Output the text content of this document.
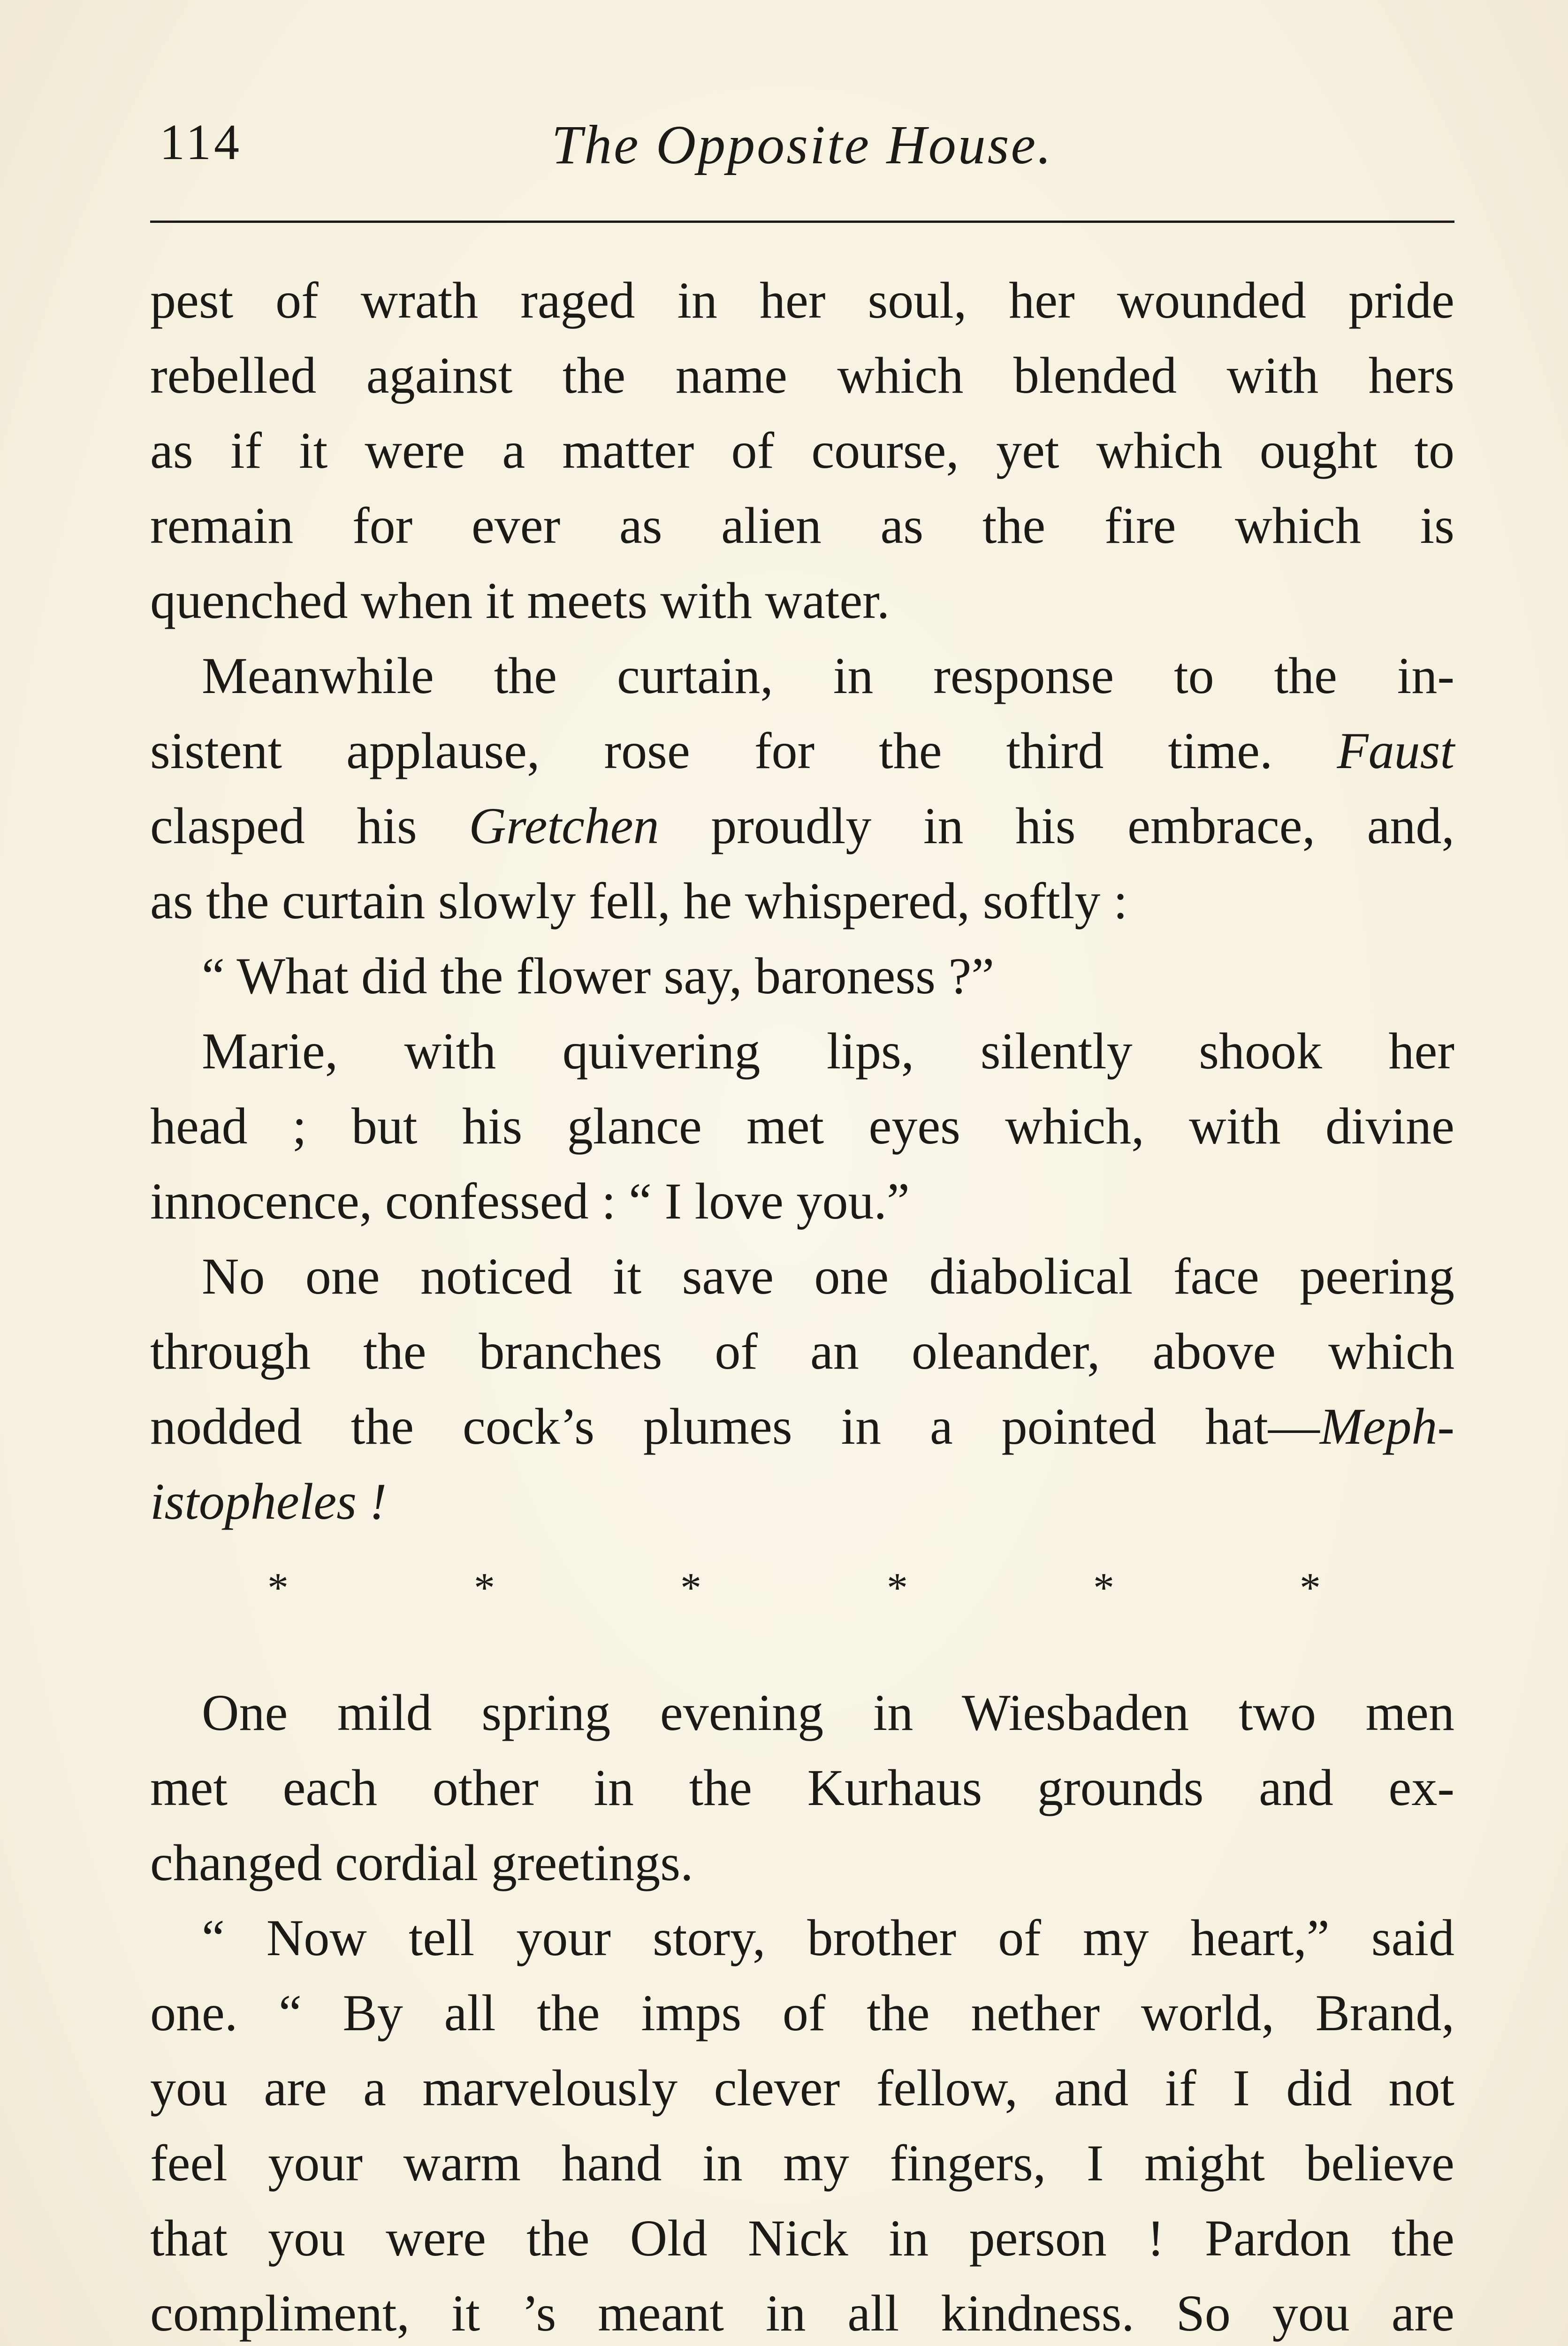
114	The Opposite House.
pest of wrath raged in her soul, her wounded pride
rebelled against the name which blended with hers
as if it were a matter of course, yet which ought to
remain for ever as alien as the fire which is
quenched when it meets with water.
Meanwhile the curtain, in response to the in-
sistent applause, rose for the third time. Faust
clasped his Gretchen proudly in his embrace, and,
as the curtain slowly fell, he whispered, softly :
“ What did the flower say, baroness ?”
Marie, with quivering lips, silently shook her
head ; but his glance met eyes which, with divine
innocence, confessed : “ I love you.”
No one noticed it save one diabolical face peering
through the branches of an oleander, above which
nodded the cock’s plumes in a pointed hat—Meph-
istopheles !
*	*	*	*	*	*
One mild spring evening in Wiesbaden two men
met each other in the Kurhaus grounds and ex-
changed cordial greetings.
“ Now tell your story, brother of my heart,” said
one. “ By all the imps of the nether world, Brand,
you are a marvelously clever fellow, and if I did not
feel your warm hand in my fingers, I might believe
that you were the Old Nick in person ! Pardon the
compliment, it ’s meant in all kindness. So you are
